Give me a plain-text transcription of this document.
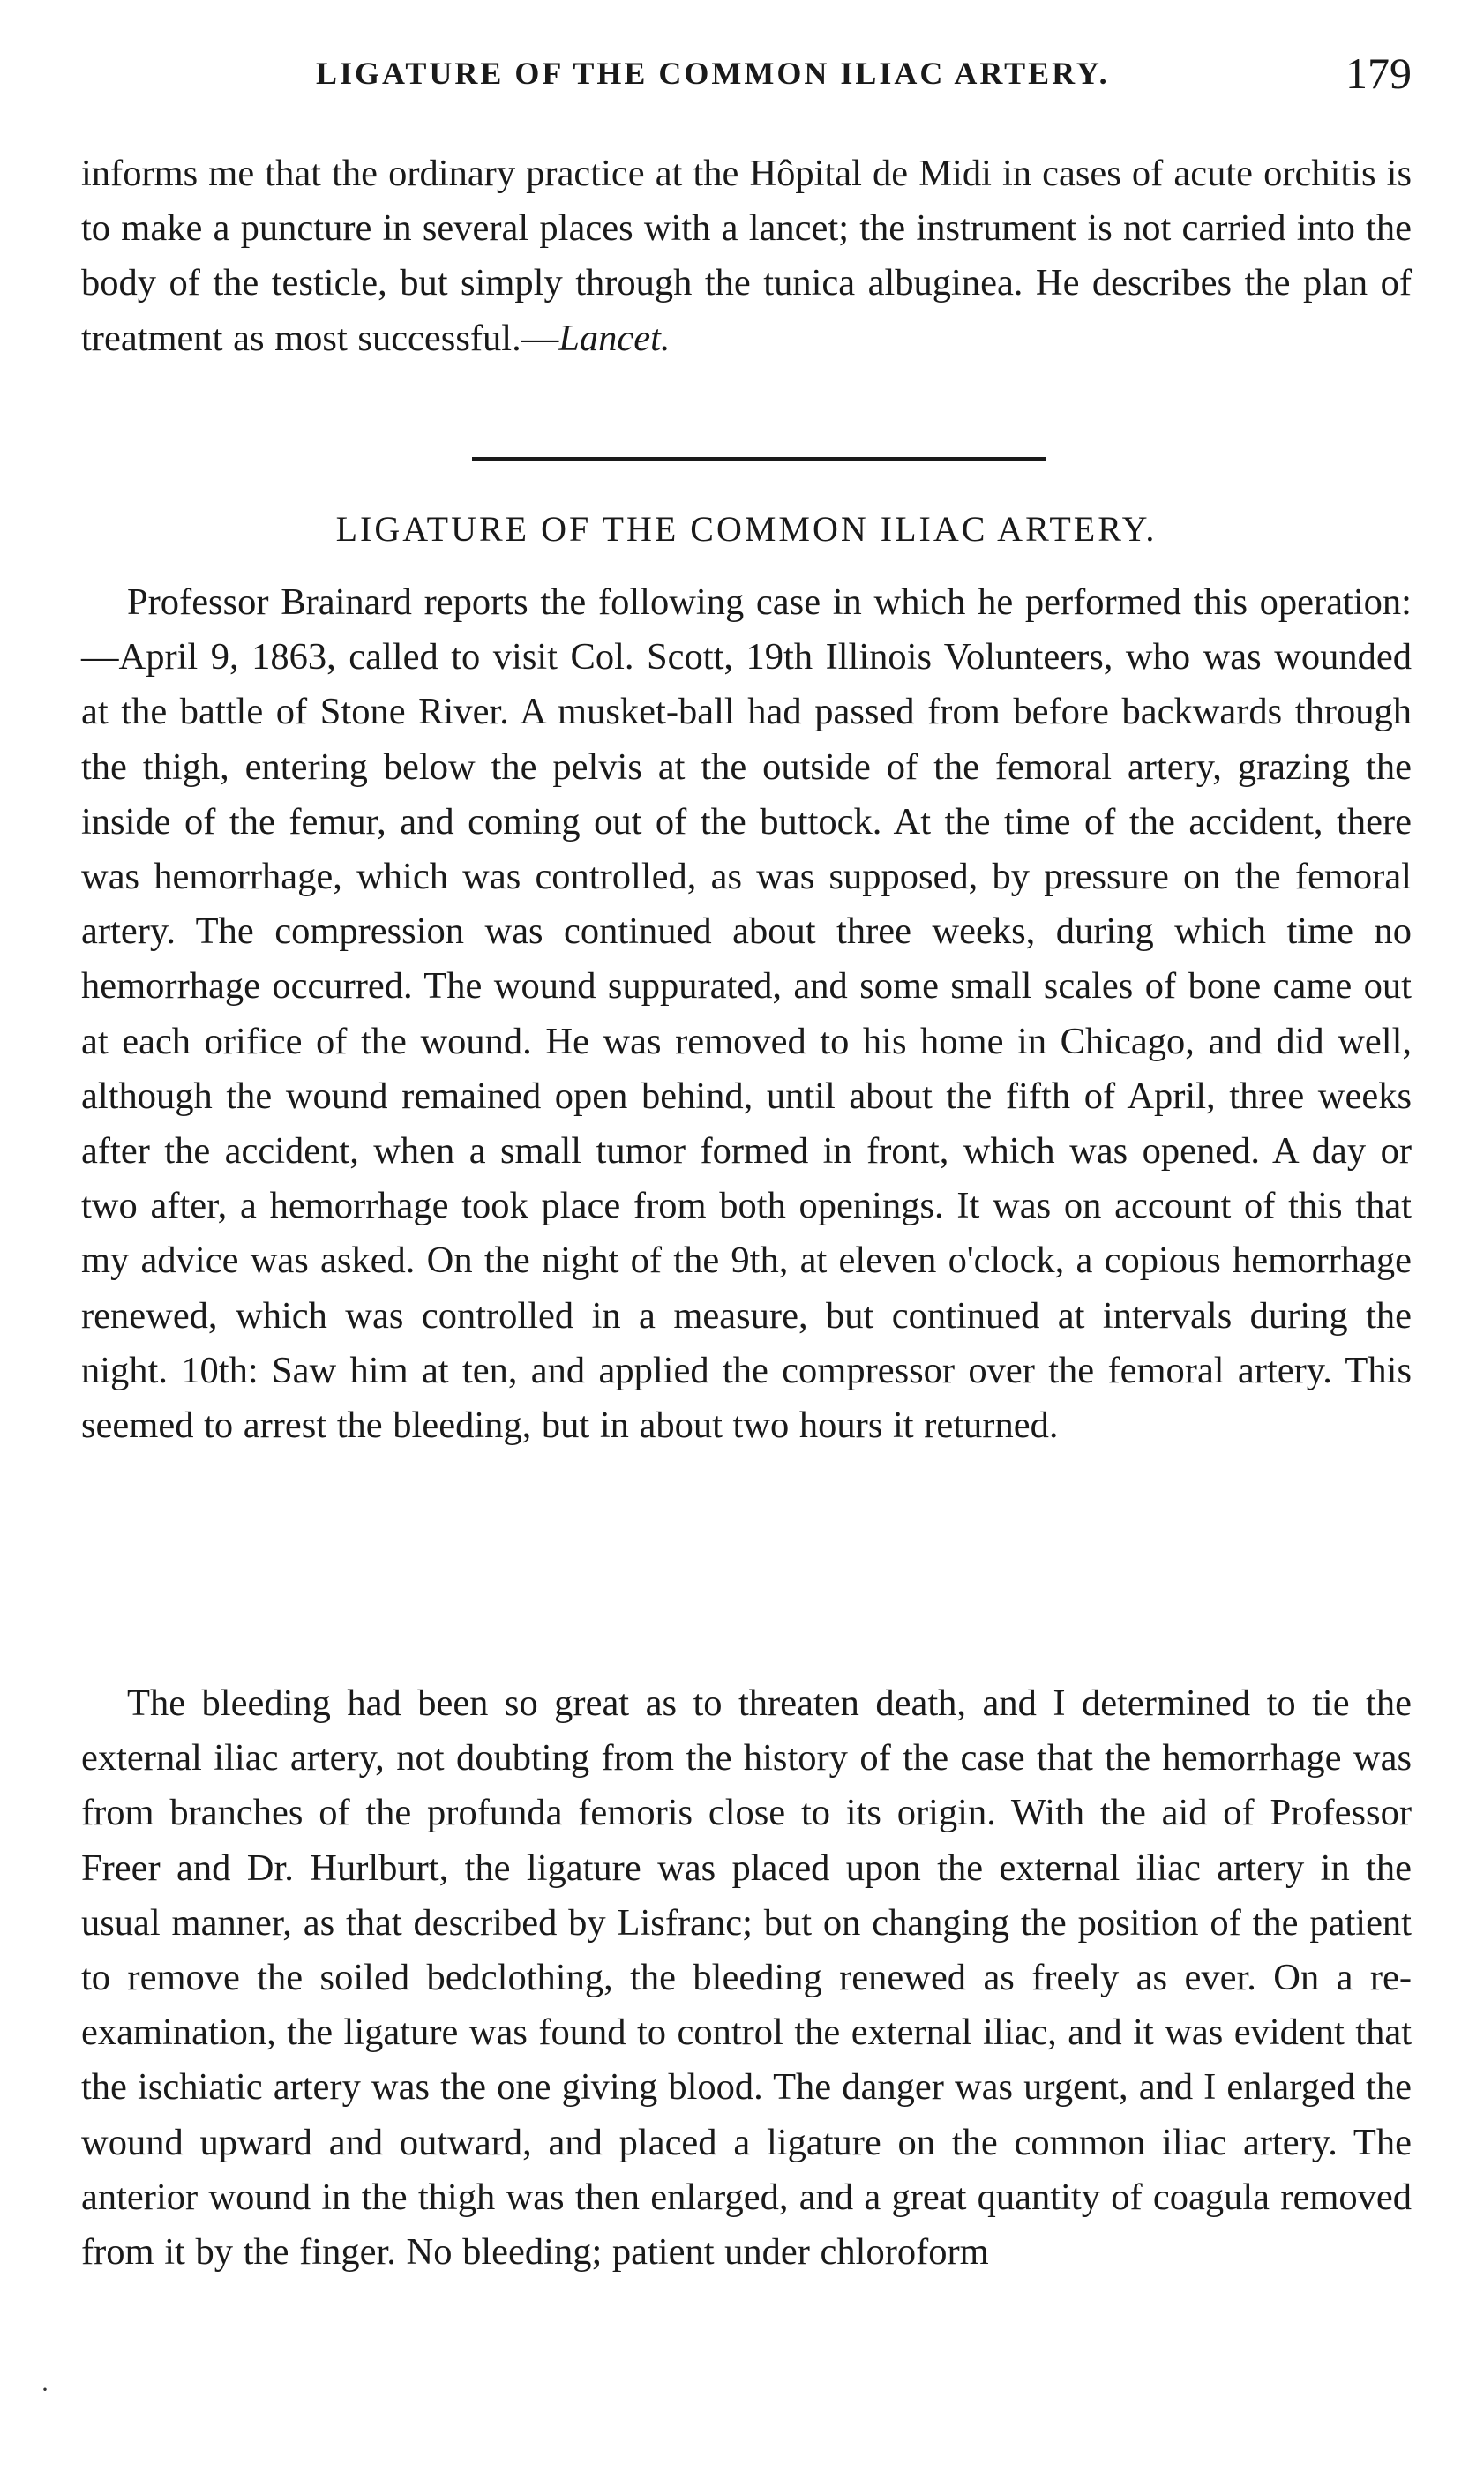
LIGATURE OF THE COMMON ILIAC ARTERY.	179

informs me that the ordinary practice at the Hôpital de Midi in cases of acute orchitis is to make a puncture in several places with a lancet; the instrument is not carried into the body of the testicle, but simply through the tunica albuginea. He describes the plan of treatment as most successful.—Lancet.

LIGATURE OF THE COMMON ILIAC ARTERY.

Professor Brainard reports the following case in which he performed this operation:—April 9, 1863, called to visit Col. Scott, 19th Illinois Volunteers, who was wounded at the battle of Stone River. A musket-ball had passed from before backwards through the thigh, entering below the pelvis at the outside of the femoral artery, grazing the inside of the femur, and coming out of the buttock. At the time of the accident, there was hemorrhage, which was controlled, as was supposed, by pressure on the femoral artery. The compression was continued about three weeks, during which time no hemorrhage occurred. The wound suppurated, and some small scales of bone came out at each orifice of the wound. He was removed to his home in Chicago, and did well, although the wound remained open behind, until about the fifth of April, three weeks after the accident, when a small tumor formed in front, which was opened. A day or two after, a hemorrhage took place from both openings. It was on account of this that my advice was asked. On the night of the 9th, at eleven o'clock, a copious hemorrhage renewed, which was controlled in a measure, but continued at intervals during the night. 10th: Saw him at ten, and applied the compressor over the femoral artery. This seemed to arrest the bleeding, but in about two hours it returned.

The bleeding had been so great as to threaten death, and I determined to tie the external iliac artery, not doubting from the history of the case that the hemorrhage was from branches of the profunda femoris close to its origin. With the aid of Professor Freer and Dr. Hurlburt, the ligature was placed upon the external iliac artery in the usual manner, as that described by Lisfranc; but on changing the position of the patient to remove the soiled bedclothing, the bleeding renewed as freely as ever. On a re-examination, the ligature was found to control the external iliac, and it was evident that the ischiatic artery was the one giving blood. The danger was urgent, and I enlarged the wound upward and outward, and placed a ligature on the common iliac artery. The anterior wound in the thigh was then enlarged, and a great quantity of coagula removed from it by the finger. No bleeding; patient under chloroform

·
